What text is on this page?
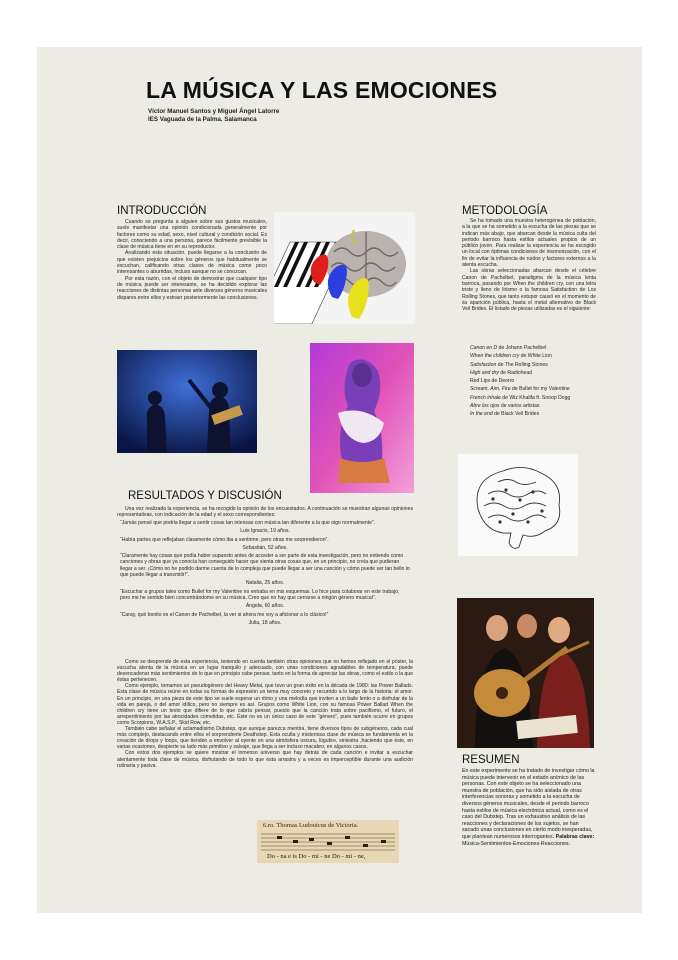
LA MÚSICA Y LAS EMOCIONES
Víctor Manuel Santos y Miguel Ángel Latorre
IES Vaguada de la Palma. Salamanca
INTRODUCCIÓN

Cuando se pregunta a alguien sobre sus gustos musicales, suele manifestar una opinión condicionada generalmente por factores como su edad, sexo, nivel cultural y condición social. Es decir, conociendo a una persona, parece fácilmente previsible la clase de música tiene en en su reproductor.

Analizando esta situación, puede llegarse a la conclusión de que existen prejuicios sobre los géneros que habitualmente se escuchan, calificando otras clases de música como poco interesantes o aburridas, incluso aunque no se conozcan.

Por esta razón, con el objeto de demostrar que cualquier tipo de música puede ser interesante, se ha decidido explorar las reacciones de distintas personas ante diversos géneros musicales dispares entre ellos y extraer posteriormente las conclusiones.

METODOLOGÍA

Se ha tomado una muestra heterogénea de población, a la que se ha sometido a la escucha de las piezas que se indican más abajo, que abarcan desde la música culta del periodo barroco hasta estilos actuales propios de un público joven. Para realizar la experiencia se ha escogido un local con óptimas condiciones de insonorización, con el fin de evitar la influencia de ruidos y factores externos a la atenta escucha.

Las obras seleccionadas abarcan desde el célebre Canon de Pachelbel, paradigma de la música lenta barroca, pasando por When the children cry, con una letra triste y lleno de lirismo o la famosa Satisfaction de Los Rolling Stones, que tanto estupor causó en el momento de su aparición pública, hasta el metal alternativo de Black Veil Brides. El listado de piezas utilizadas es el siguiente:

Canon en D de Johann Pachelbel
When the children cry de White Lion
Satisfaction de The Rolling Stones
High and dry de Radiohead
Red Lips de Deorro
Scream, Aim, Fire de Bullet for my Valentine
French inhale de Wiz Khalifa ft. Snoop Dogg
Abre los ojos de varios artistas
In the end de Black Veil Brides
RESULTADOS Y DISCUSIÓN

Una vez realizada la experiencia, se ha recogido la opinión de los encuestados. A continuación se muestran algunas opiniones representativas, con indicación de la edad y el sexo correspondientes:

“Jamás pensé que podría llegar a sentir cosas tan intensas con música tan diferente a la que oigo normalmente”.

Luis Ignacio, 19 años.

“Había partes que reflejaban claramente cómo iba a sentirme, pero otras me sorprendieron”.

Sebastián, 52 años.

“Claramente hay cosas que podía haber supuesto antes de acceder a ser parte de esta investigación, pero no entiendo como canciones y obras que ya conocía han conseguido hacer que sienta otras cosas que, en un principio, no creía que pudieran llegar a ser. ¡Cómo no he podido darme cuenta de lo compleja que puede llegar a ser una canción y cómo puede ser tan bello lo que puede llegar a transmitir!”.

Natalia, 25 años.

“Escuchar a grupos tales como Bullet for my Valentine no entraba en mis esquemas. Lo hice para colaborar en este trabajo, pero me he sentido bien concentrándome en su música. Creo que no hay que cerrarse a ningún género musical”.

Ángela, 60 años.

“Caray, qué bonito es el Canon de Pachelbel, la ver si ahora me voy a aficionar a lo clásico!”

Julia, 18 años.

Como se desprende de esta experiencia, teniendo en cuenta también otras opiniones que no hemos reflejado en el póster, la escucha atenta de la música en un lugar tranquilo y adecuado, con unas condiciones agradables de temperatura, puede desencadenar más sentimientos de lo que en principio cabe pensar, tanto en la forma de apreciar las obras, como el estilo o la que éstas pertenecen.

Como ejemplo, tomamos un pseudogénero del Heavy Metal, que tuvo un gran éxito en la década de 1980: las Power Ballads. Esta clase de música reúne en todas su formas de expresión un tema muy concreto y recurrido a lo largo de la historia: el amor. En un principio, en una pieza de este tipo se suele esperar un ritmo y una melodía que inviten a un baile lento o a disfrutar de la vida en pareja, o del amor idílico, pero no siempre es así. Grupos como White Lion, con su famosa Power Ballad When the children cry tiene un texto que difiere de lo que cabría pensar, puesto que la canción trata sobre pacifismo, el futuro, el arrepentimiento por las atrocidades cometidas, etc. Éste no es un único caso de este “género”, pues también ocurre en grupos como Scorpions, W.A.S.P., Skid Row, etc.

También cabe señalar el aclamadísimo Dubstep, que aunque parezca mentira, tiene diversos tipos de subgéneros, cada cual más complejo, destacando entre ellos el sorprendente Deathstep. Esta oculta y misteriosa clase de música se fundamenta en la creación de drops y loops, que tienden a envolver al oyente en una atmósfera oscura, lúgubre, siniestra ,haciendo que éste, en varias ocasiones, despierte su lado más primitivo y salvaje, que llega a ser incluso macabro, en algunos casos.

Con estos dos ejemplos se quiere mostrar el inmenso universo que hay detrás de cada canción e invitar a escuchar atentamente toda clase de música, disfrutando de todo lo que ésta arrastra y a veces es imperceptible durante una audición rutinaria y pasiva.

6.ro. Thomas Ludouicus de Victoria.
Do - na e is Do - mi - ne Do - mi - ne,
RESUMEN
En este experimento se ha tratado de investigar cómo la música puede intervenir en el estado anímico de las personas. Con este objeto se ha seleccionado una muestra de población, que ha sido aislada de otras interferencias sonoras y sometido a la escucha de diversos géneros musicales, desde el periodo barroco hasta estilos de música electrónica actual, como es el caso del Dubstep. Tras un exhaustivo análisis de las reacciones y declaraciones de los sujetos, se han sacado unas conclusiones en cierto modo inesperadas, que plantean numerosos interrogantes. Palabras clave: Música-Sentimientos-Emociones-Reacciones.
